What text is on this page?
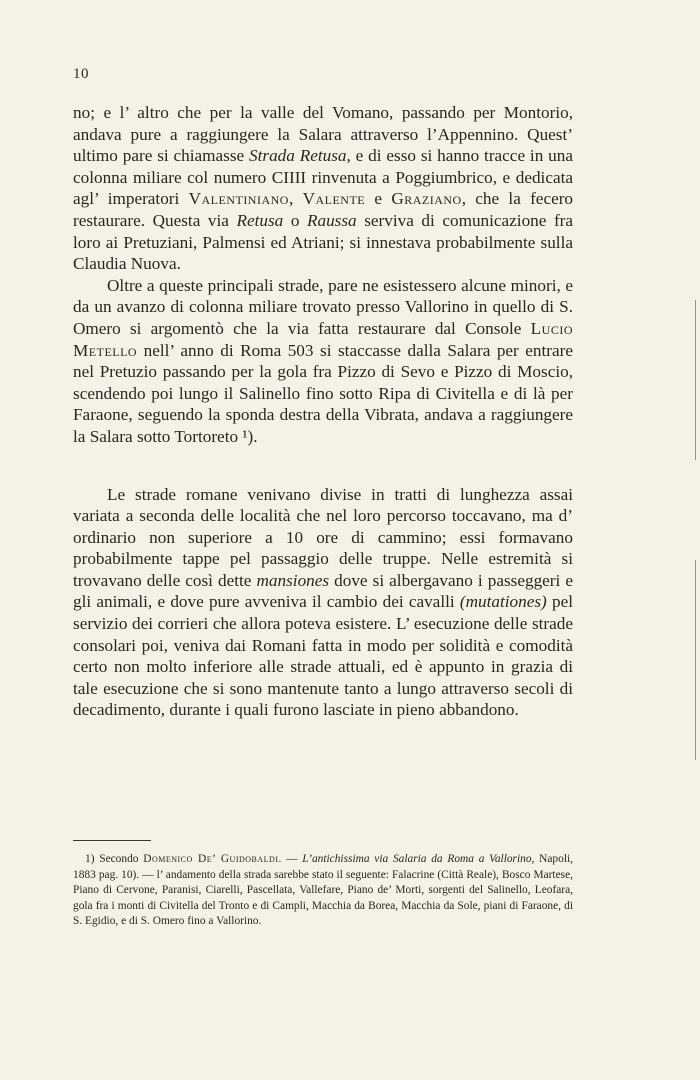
10

no; e l’ altro che per la valle del Vomano, passando per Montorio, andava pure a raggiungere la Salara attraverso l’Appennino. Quest’ ultimo pare si chiamasse Strada Retusa, e di esso si hanno tracce in una colonna miliare col numero CIIII rinvenuta a Poggiumbrico, e dedicata agl’ imperatori Valentiniano, Valente e Graziano, che la fecero restaurare. Questa via Retusa o Raussa serviva di comunicazione fra loro ai Pretuziani, Palmensi ed Atriani; si innestava probabilmente sulla Claudia Nuova.

Oltre a queste principali strade, pare ne esistessero alcune minori, e da un avanzo di colonna miliare trovato presso Vallorino in quello di S. Omero si argomentò che la via fatta restaurare dal Console Lucio Metello nell’ anno di Roma 503 si staccasse dalla Salara per entrare nel Pretuzio passando per la gola fra Pizzo di Sevo e Pizzo di Moscio, scendendo poi lungo il Salinello fino sotto Ripa di Civitella e di là per Faraone, seguendo la sponda destra della Vibrata, andava a raggiungere la Salara sotto Tortoreto ¹).

Le strade romane venivano divise in tratti di lunghezza assai variata a seconda delle località che nel loro percorso toccavano, ma d’ ordinario non superiore a 10 ore di cammino; essi formavano probabilmente tappe pel passaggio delle truppe. Nelle estremità si trovavano delle così dette mansiones dove si albergavano i passeggeri e gli animali, e dove pure avveniva il cambio dei cavalli (mutationes) pel servizio dei corrieri che allora poteva esistere. L’ esecuzione delle strade consolari poi, veniva dai Romani fatta in modo per solidità e comodità certo non molto inferiore alle strade attuali, ed è appunto in grazia di tale esecuzione che si sono mantenute tanto a lungo attraverso secoli di decadimento, durante i quali furono lasciate in pieno abbandono.

1) Secondo Domenico De’ Guidobaldi. — L’antichissima via Salaria da Roma a Vallorino, Napoli, 1883 pag. 10). — l’ andamento della strada sarebbe stato il seguente: Falacrine (Città Reale), Bosco Martese, Piano di Cervone, Paranisi, Ciarelli, Pascellata, Vallefare, Piano de’ Morti, sorgenti del Salinello, Leofara, gola fra i monti di Civitella del Tronto e di Campli, Macchia da Borea, Macchia da Sole, piani di Faraone, di S. Egidio, e di S. Omero fino a Vallorino.
